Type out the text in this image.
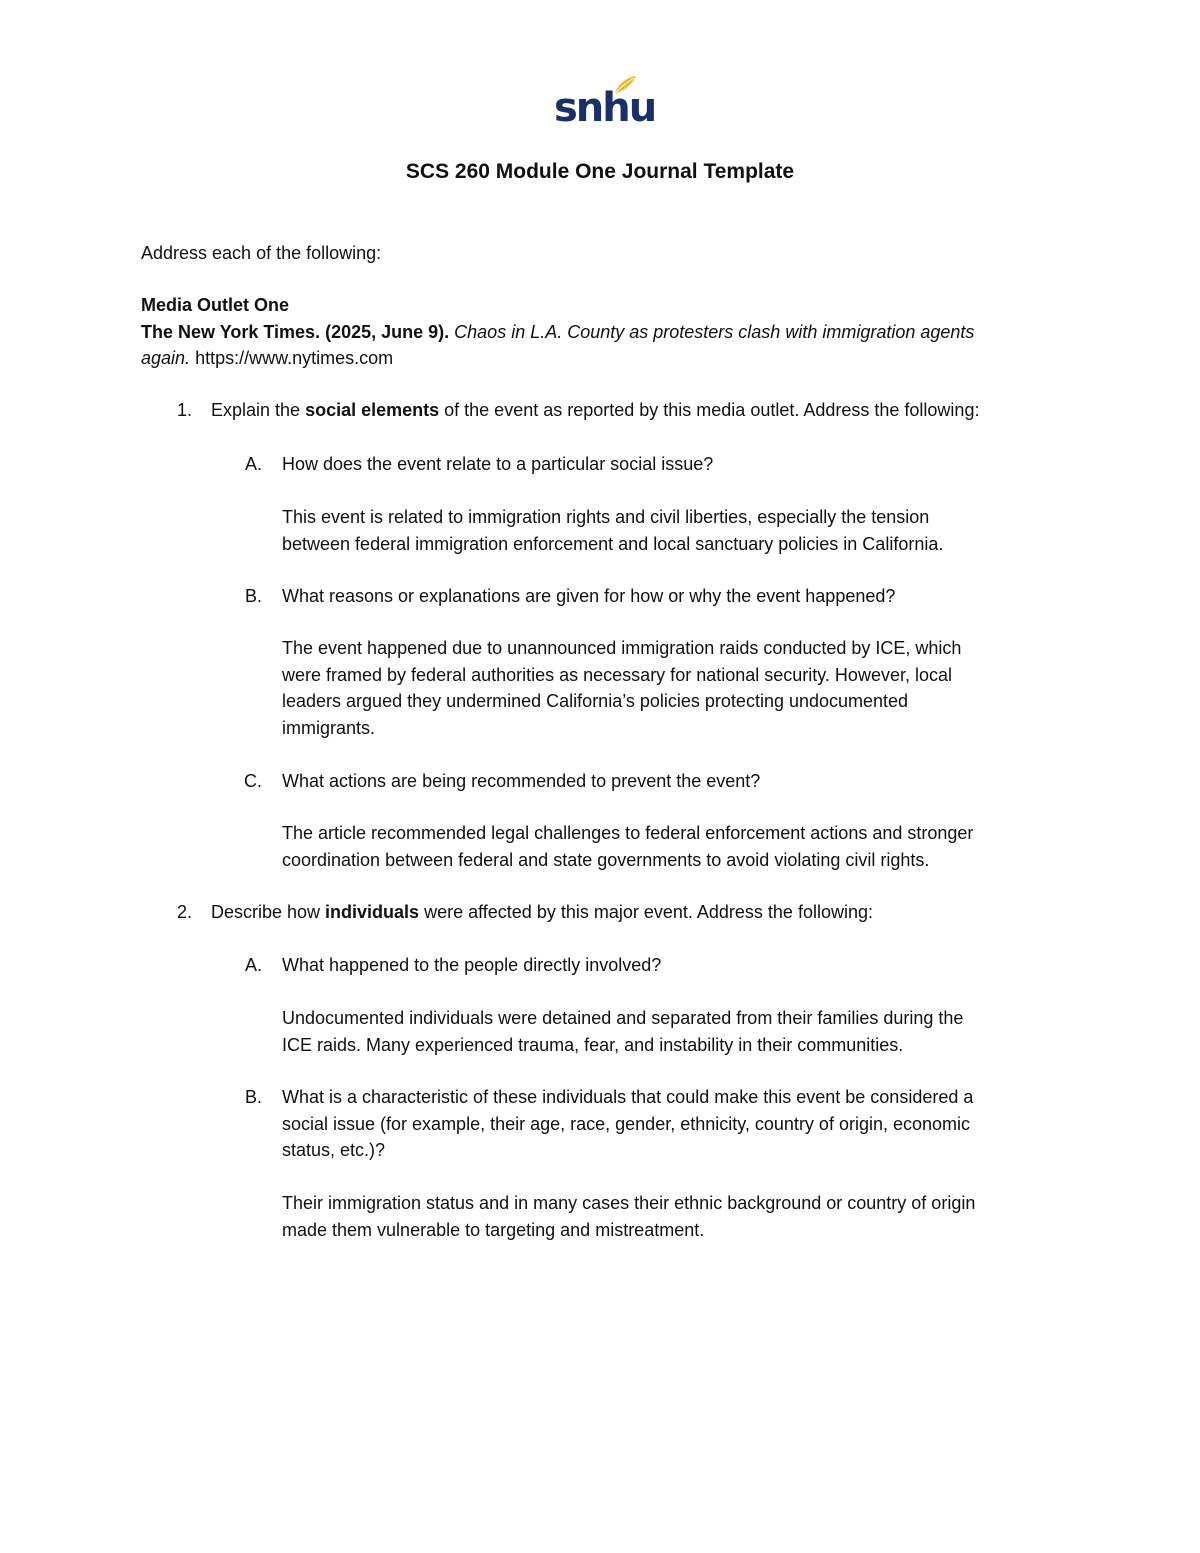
snhu
SCS 260 Module One Journal Template

Address each of the following:

Media Outlet One

The New York Times. (2025, June 9). Chaos in L.A. County as protesters clash with immigration agents

again. https://www.nytimes.com

1. Explain the social elements of the event as reported by this media outlet. Address the following:

A. How does the event relate to a particular social issue?

This event is related to immigration rights and civil liberties, especially the tension

between federal immigration enforcement and local sanctuary policies in California.

B. What reasons or explanations are given for how or why the event happened?

The event happened due to unannounced immigration raids conducted by ICE, which

were framed by federal authorities as necessary for national security. However, local

leaders argued they undermined California’s policies protecting undocumented

immigrants.

C. What actions are being recommended to prevent the event?

The article recommended legal challenges to federal enforcement actions and stronger

coordination between federal and state governments to avoid violating civil rights.

2. Describe how individuals were affected by this major event. Address the following:

A. What happened to the people directly involved?

Undocumented individuals were detained and separated from their families during the

ICE raids. Many experienced trauma, fear, and instability in their communities.

B. What is a characteristic of these individuals that could make this event be considered a

social issue (for example, their age, race, gender, ethnicity, country of origin, economic

status, etc.)?

Their immigration status and in many cases their ethnic background or country of origin

made them vulnerable to targeting and mistreatment.
